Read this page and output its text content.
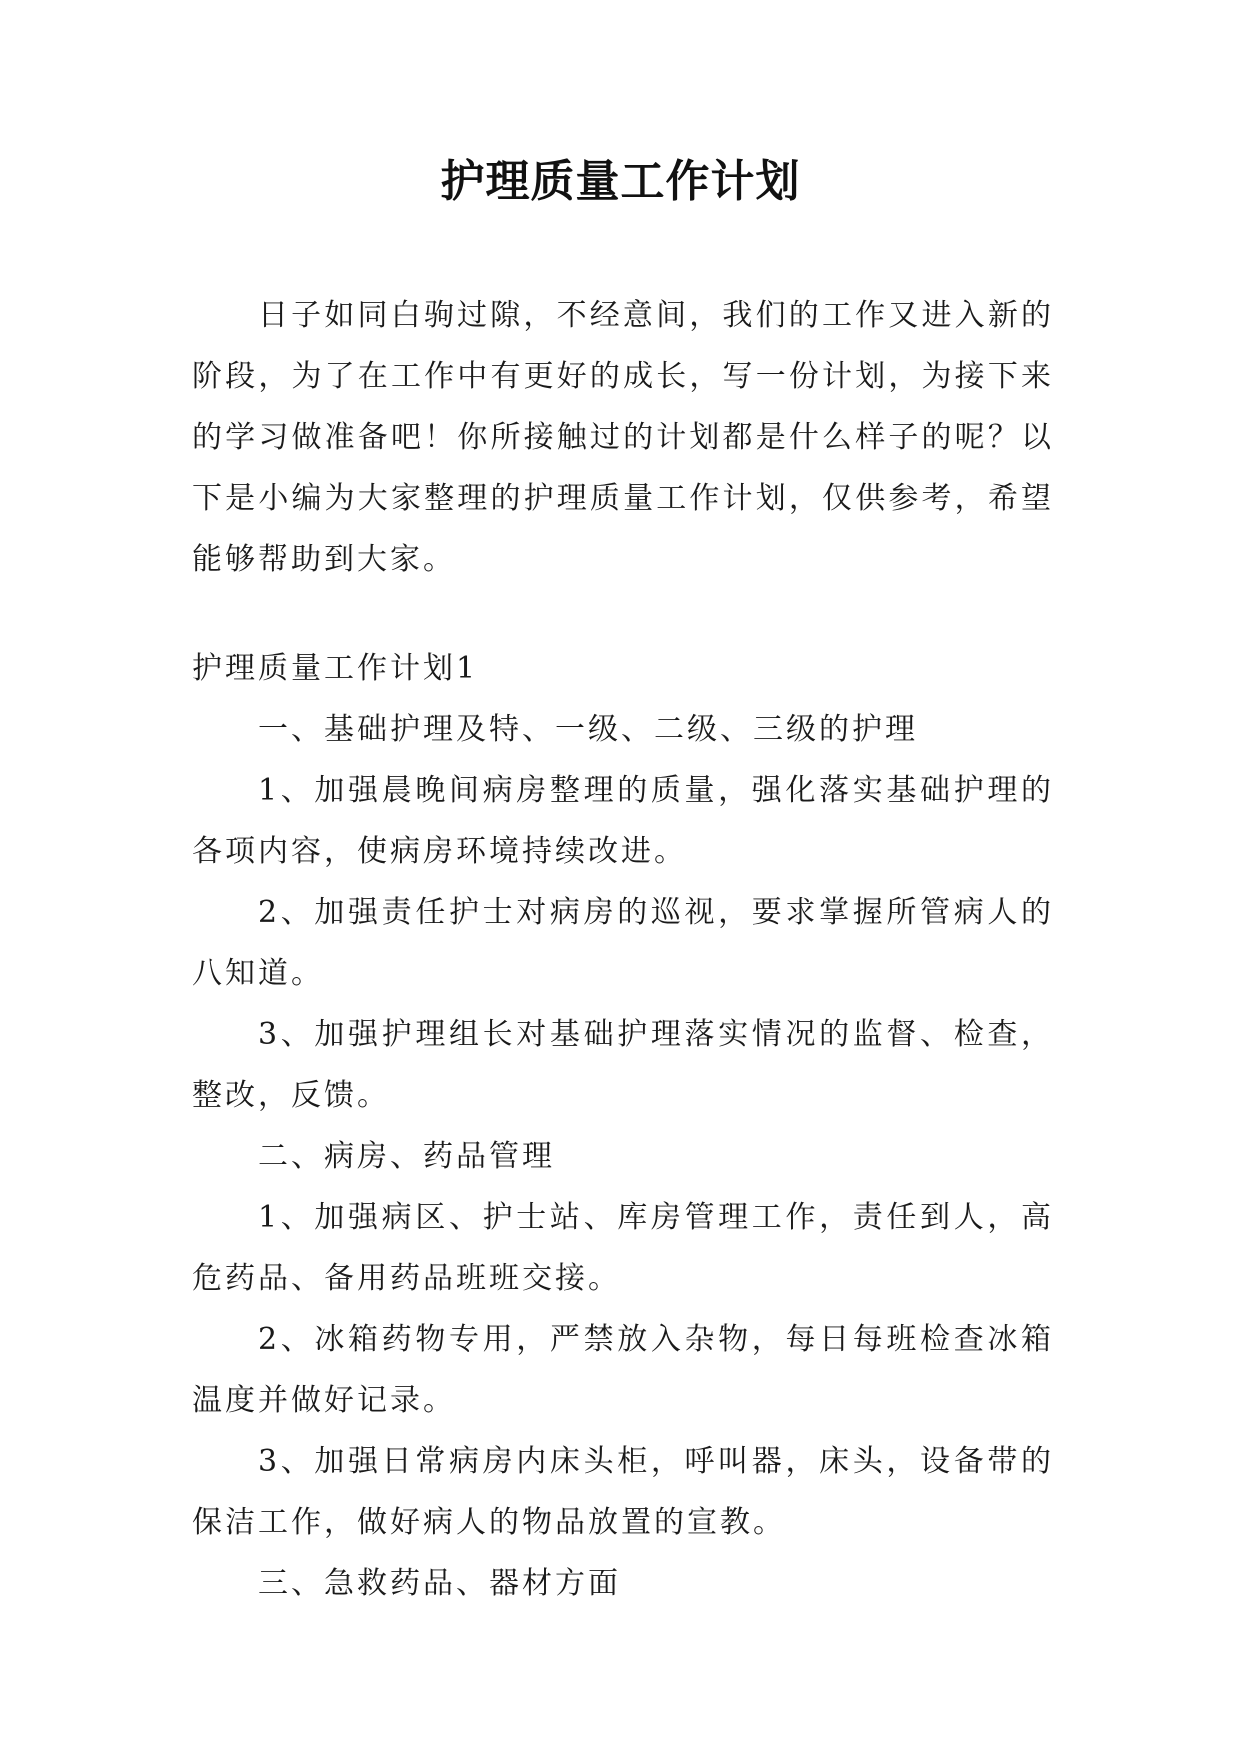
护理质量工作计划

日子如同白驹过隙，不经意间，我们的工作又进入新的阶段，为了在工作中有更好的成长，写一份计划，为接下来的学习做准备吧！你所接触过的计划都是什么样子的呢？以下是小编为大家整理的护理质量工作计划，仅供参考，希望能够帮助到大家。

护理质量工作计划1

一、基础护理及特、一级、二级、三级的护理

1、加强晨晚间病房整理的质量，强化落实基础护理的各项内容，使病房环境持续改进。

2、加强责任护士对病房的巡视，要求掌握所管病人的八知道。

3、加强护理组长对基础护理落实情况的监督、检查，整改，反馈。

二、病房、药品管理

1、加强病区、护士站、库房管理工作，责任到人，高危药品、备用药品班班交接。

2、冰箱药物专用，严禁放入杂物，每日每班检查冰箱温度并做好记录。

3、加强日常病房内床头柜，呼叫器，床头，设备带的保洁工作，做好病人的物品放置的宣教。

三、急救药品、器材方面
